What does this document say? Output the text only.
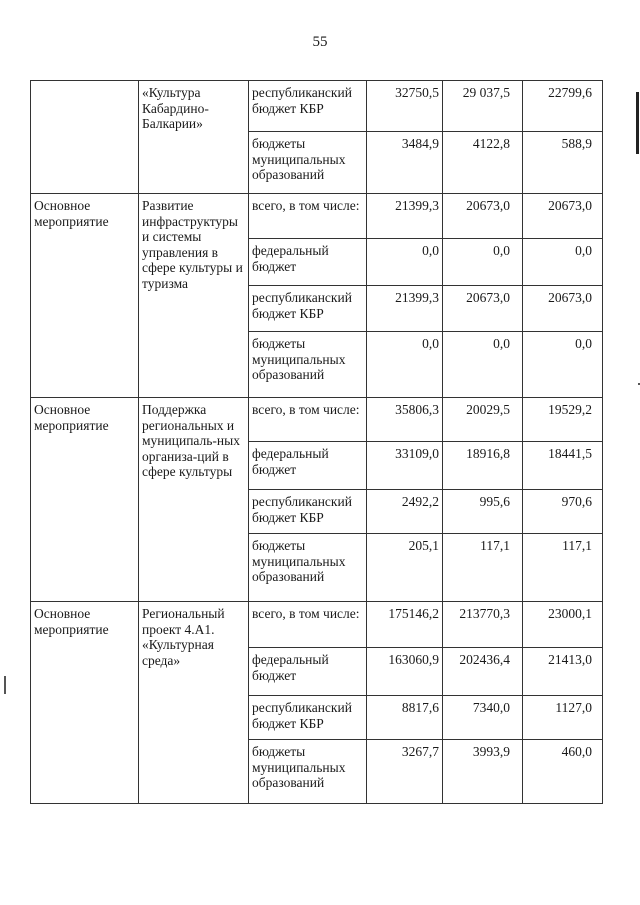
55
	«Культура Кабардино-Балкарии»	республиканский бюджет КБР	32750,5	29 037,5	22799,6
		бюджеты муниципальных образований	3484,9	4122,8	588,9
Основное мероприятие	Развитие инфраструктуры и системы управления в сфере культуры и туризма	всего, в том числе:	21399,3	20673,0	20673,0
		федеральный бюджет	0,0	0,0	0,0
		республиканский бюджет КБР	21399,3	20673,0	20673,0
		бюджеты муниципальных образований	0,0	0,0	0,0
Основное мероприятие	Поддержка региональных и муниципаль-ных организа-ций в сфере культуры	всего, в том числе:	35806,3	20029,5	19529,2
		федеральный бюджет	33109,0	18916,8	18441,5
		республиканский бюджет КБР	2492,2	995,6	970,6
		бюджеты муниципальных образований	205,1	117,1	117,1
Основное мероприятие	Региональный проект 4.A1. «Культурная среда»	всего, в том числе:	175146,2	213770,3	23000,1
		федеральный бюджет	163060,9	202436,4	21413,0
		республиканский бюджет КБР	8817,6	7340,0	1127,0
		бюджеты муниципальных образований	3267,7	3993,9	460,0
